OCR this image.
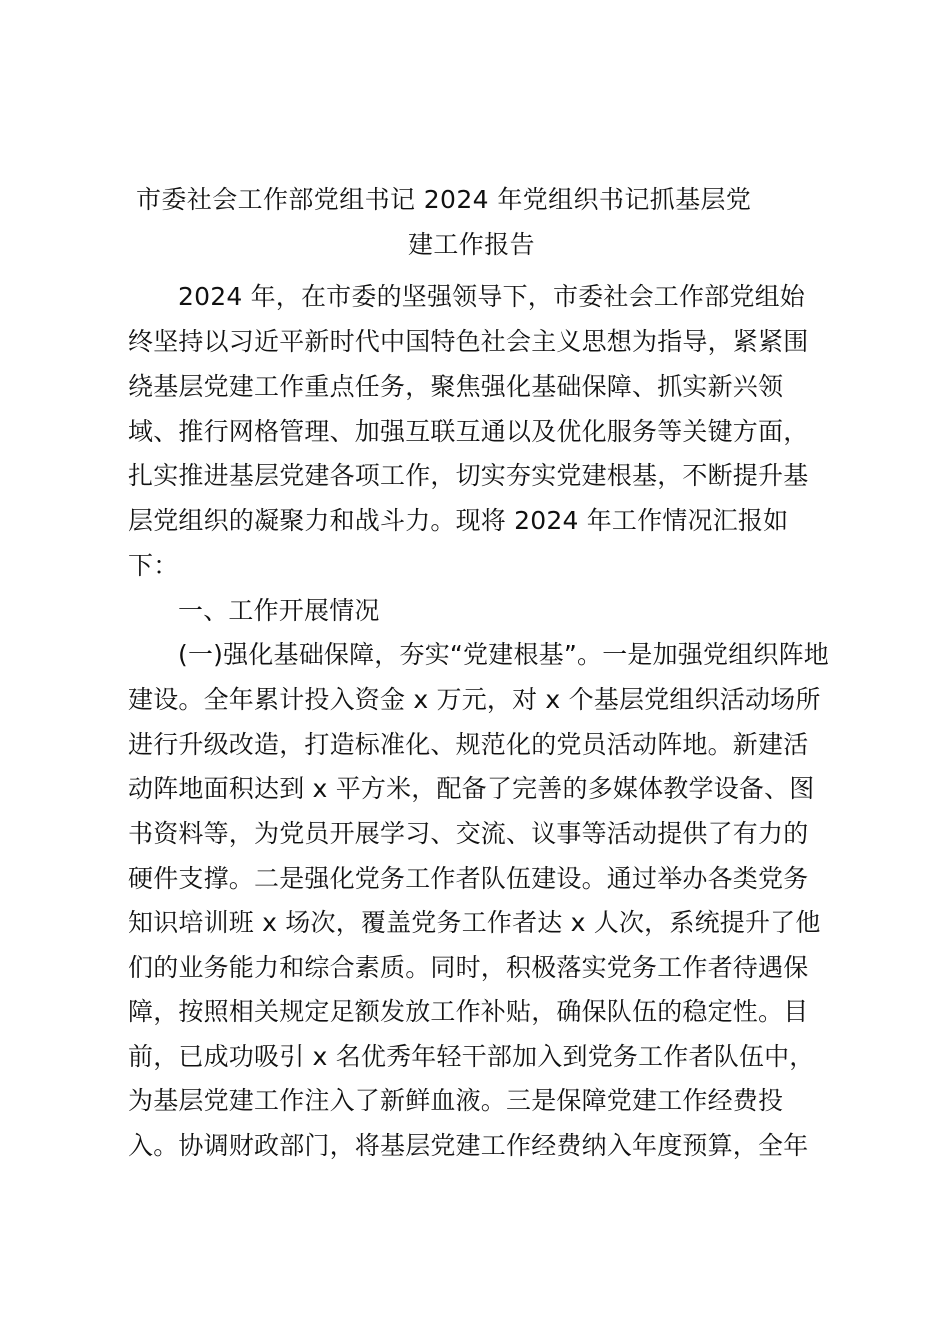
市委社会工作部党组书记 2024 年党组织书记抓基层党
建工作报告
2024 年，在市委的坚强领导下，市委社会工作部党组始
终坚持以习近平新时代中国特色社会主义思想为指导，紧紧围
绕基层党建工作重点任务，聚焦强化基础保障、抓实新兴领
域、推行网格管理、加强互联互通以及优化服务等关键方面，
扎实推进基层党建各项工作，切实夯实党建根基，不断提升基
层党组织的凝聚力和战斗力。现将 2024 年工作情况汇报如
下：
一、工作开展情况
(一)强化基础保障，夯实“党建根基”。一是加强党组织阵地
建设。全年累计投入资金 x 万元，对 x 个基层党组织活动场所
进行升级改造，打造标准化、规范化的党员活动阵地。新建活
动阵地面积达到 x 平方米，配备了完善的多媒体教学设备、图
书资料等，为党员开展学习、交流、议事等活动提供了有力的
硬件支撑。二是强化党务工作者队伍建设。通过举办各类党务
知识培训班 x 场次，覆盖党务工作者达 x 人次，系统提升了他
们的业务能力和综合素质。同时，积极落实党务工作者待遇保
障，按照相关规定足额发放工作补贴，确保队伍的稳定性。目
前，已成功吸引 x 名优秀年轻干部加入到党务工作者队伍中，
为基层党建工作注入了新鲜血液。三是保障党建工作经费投
入。协调财政部门，将基层党建工作经费纳入年度预算，全年
